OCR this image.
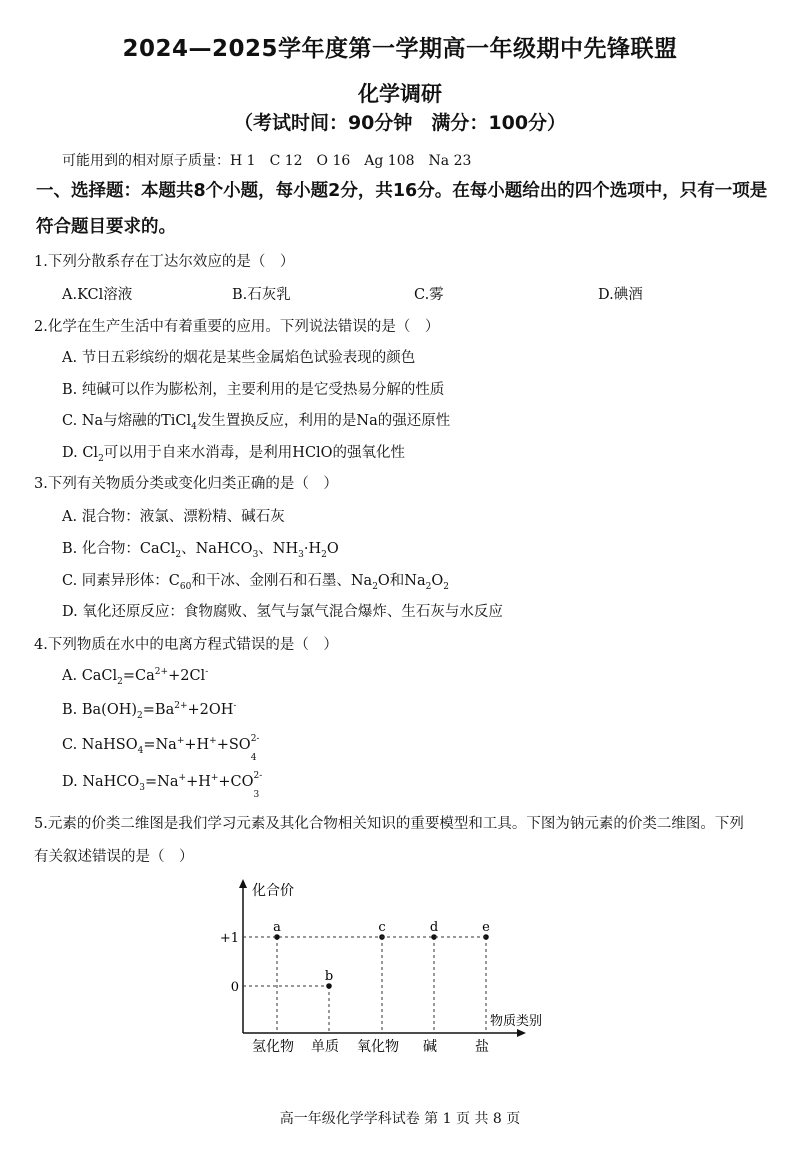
2024—2025学年度第一学期高一年级期中先锋联盟
化学调研
（考试时间：90分钟　满分：100分）
可能用到的相对原子质量：H 1　C 12　O 16　Ag 108　Na 23
一、选择题：本题共8个小题，每小题2分，共16分。在每小题给出的四个选项中，只有一项是
符合题目要求的。
1.下列分散系存在丁达尔效应的是（　）
A.KCl溶液	B.石灰乳	C.雾	D.碘酒
2.化学在生产生活中有着重要的应用。下列说法错误的是（　）
A. 节日五彩缤纷的烟花是某些金属焰色试验表现的颜色
B. 纯碱可以作为膨松剂，主要利用的是它受热易分解的性质
C. Na与熔融的TiCl$_4$发生置换反应，利用的是Na的强还原性
D. $Cl_2$可以用于自来水消毒，是利用HClO的强氧化性
3.下列有关物质分类或变化归类正确的是（　）
A. 混合物：液氯、漂粉精、碱石灰
B. 化合物：CaCl$_2$、NaHCO$_3$、$NH_3\cdot H_2O$
C. 同素异形体：$C_{60}$和干冰、金刚石和石墨、$Na_2O$和$Na_2O_2$
D. 氧化还原反应：食物腐败、氢气与氯气混合爆炸、生石灰与水反应
4.下列物质在水中的电离方程式错误的是（　）
A. $CaCl_2=Ca^{2+}+2Cl^-$
B. $Ba(OH)_2=Ba^{2+}+2OH^-$
C. NaHSO$_4$=Na++H++SO 2-
4
D. NaHCO$_3$=Na++H++CO 2-
3
5.元素的价类二维图是我们学习元素及其化合物相关知识的重要模型和工具。下图为钠元素的价类二维图。下列
有关叙述错误的是（　）
化合价
物质类别
+1
0
氢化物 单质 氧化物 碱	盐
a
b
c	d	e
高一年级化学学科试卷 第 1 页 共 8 页
